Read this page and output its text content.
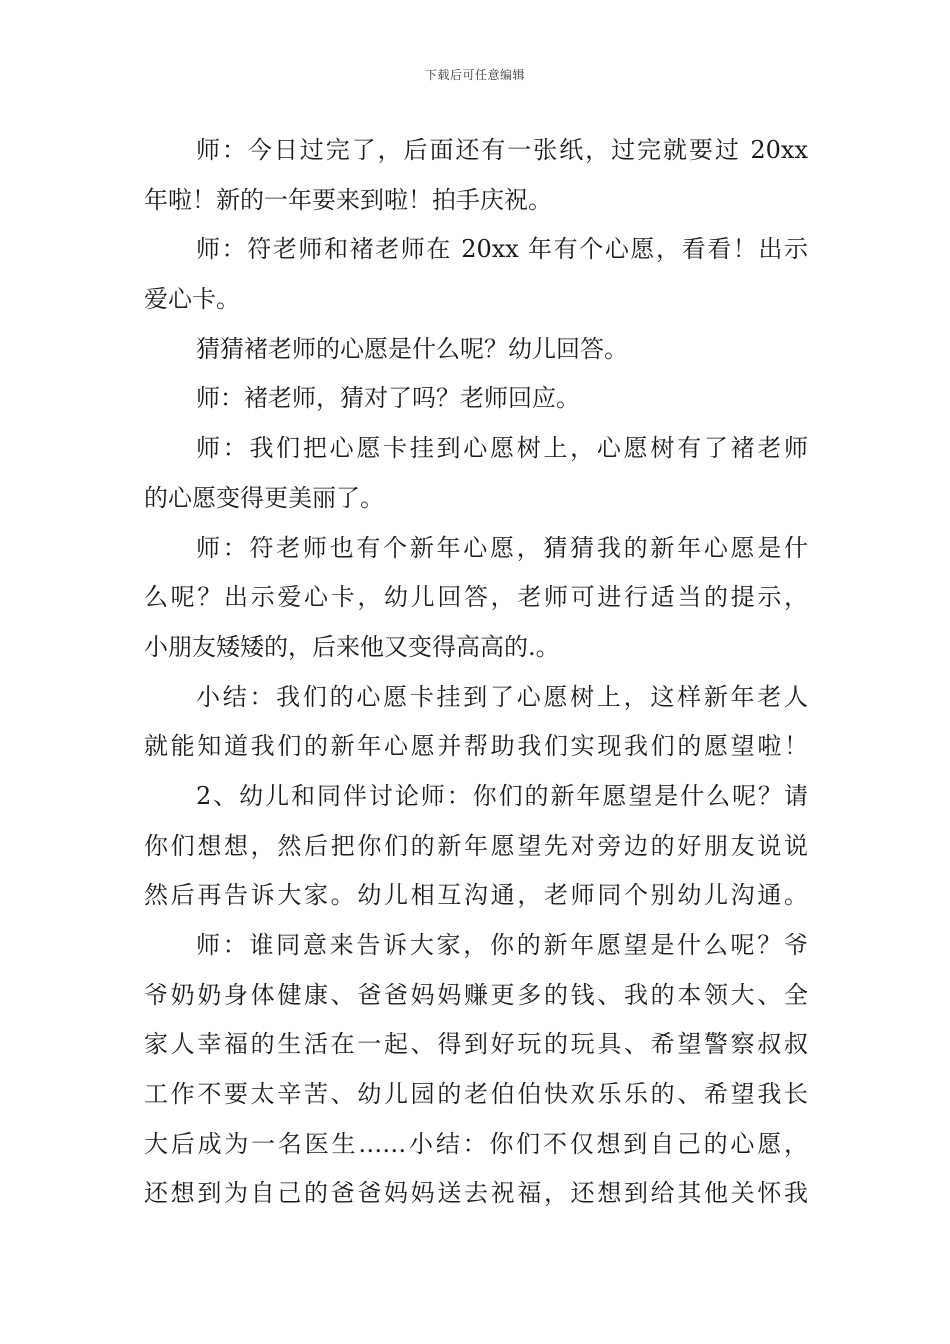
下载后可任意编辑
师：今日过完了，后面还有一张纸，过完就要过 20xx
年啦！新的一年要来到啦！拍手庆祝。
师：符老师和褚老师在 20xx 年有个心愿，看看！出示
爱心卡。
猜猜褚老师的心愿是什么呢？幼儿回答。
师：褚老师，猜对了吗？老师回应。
师：我们把心愿卡挂到心愿树上，心愿树有了褚老师
的心愿变得更美丽了。
师：符老师也有个新年心愿，猜猜我的新年心愿是什
么呢？出示爱心卡，幼儿回答，老师可进行适当的提示，
小朋友矮矮的，后来他又变得高高的.。
小结：我们的心愿卡挂到了心愿树上，这样新年老人
就能知道我们的新年心愿并帮助我们实现我们的愿望啦！
2、幼儿和同伴讨论师：你们的新年愿望是什么呢？请
你们想想，然后把你们的新年愿望先对旁边的好朋友说说
然后再告诉大家。幼儿相互沟通，老师同个别幼儿沟通。
师：谁同意来告诉大家，你的新年愿望是什么呢？爷
爷奶奶身体健康、爸爸妈妈赚更多的钱、我的本领大、全
家人幸福的生活在一起、得到好玩的玩具、希望警察叔叔
工作不要太辛苦、幼儿园的老伯伯快欢乐乐的、希望我长
大后成为一名医生……小结：你们不仅想到自己的心愿，
还想到为自己的爸爸妈妈送去祝福，还想到给其他关怀我
